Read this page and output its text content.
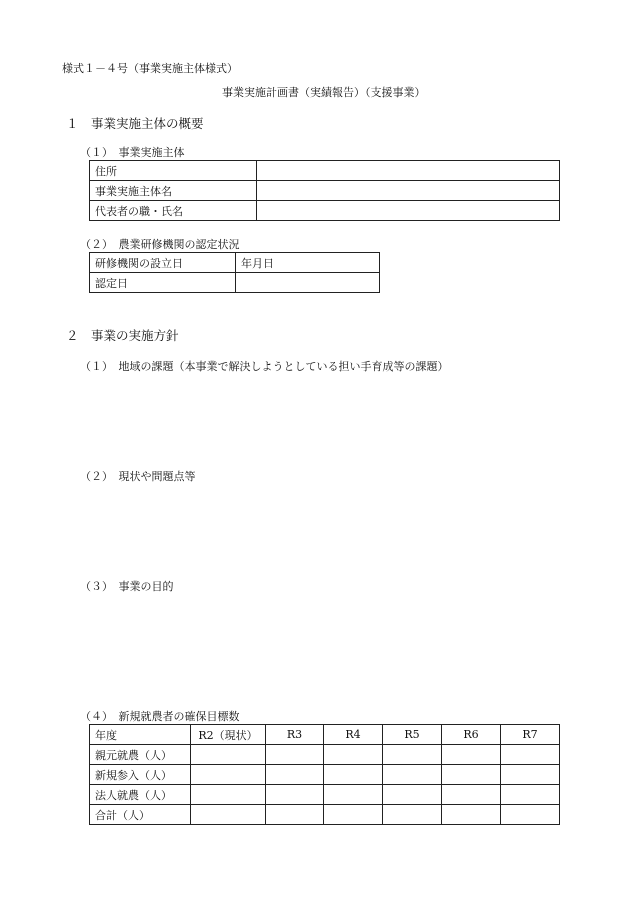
様式１－４号（事業実施主体様式）
事業実施計画書（実績報告）（支援事業）
１　事業実施主体の概要
（１）　事業実施主体
住所	
事業実施主体名	
代表者の職・氏名	
（２）　農業研修機関の認定状況
研修機関の設立日	年月日
認定日	
２　事業の実施方針
（１）　地域の課題（本事業で解決しようとしている担い手育成等の課題）
（２）　現状や問題点等
（３）　事業の目的
（４）　新規就農者の確保目標数
年度	R2（現状）	R3	R4	R5	R6	R7
親元就農（人）						
新規参入（人）						
法人就農（人）						
合計（人）						
